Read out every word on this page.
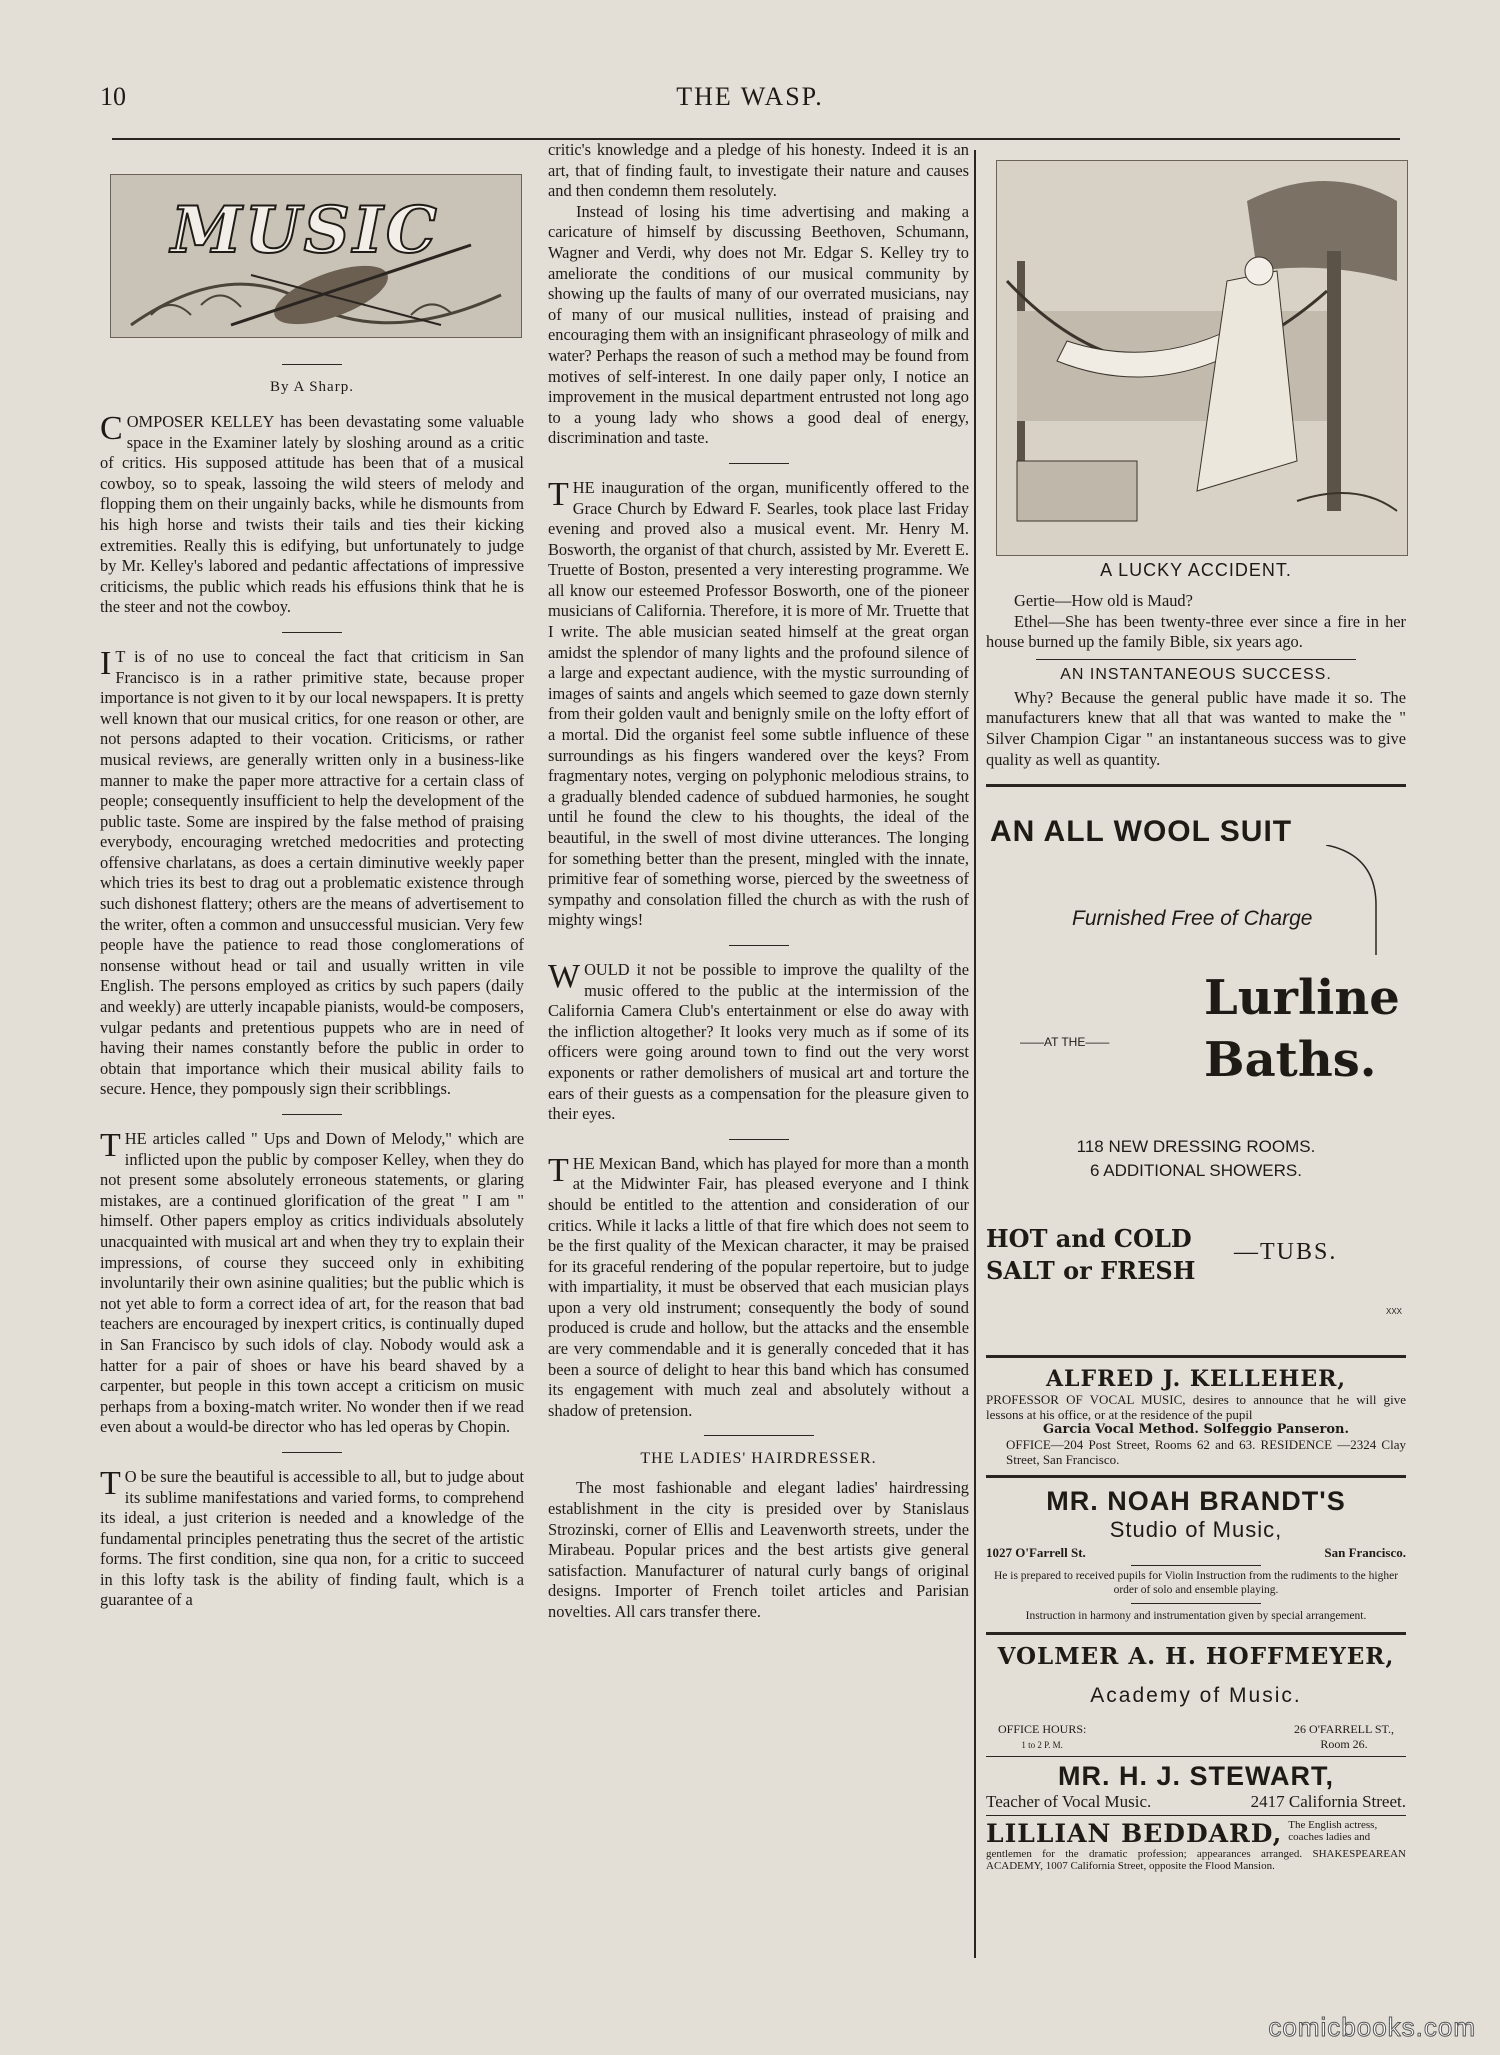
10	THE WASP.
MUSIC
By A Sharp.

COMPOSER KELLEY has been devastating some valuable space in the Examiner lately by sloshing around as a critic of critics. His supposed attitude has been that of a musical cowboy, so to speak, lassoing the wild steers of melody and flopping them on their ungainly backs, while he dismounts from his high horse and twists their tails and ties their kicking extremities. Really this is edifying, but unfortunately to judge by Mr. Kelley's labored and pedantic affectations of impressive criticisms, the public which reads his effusions think that he is the steer and not the cowboy.

I T is of no use to conceal the fact that criticism in San Francisco is in a rather primitive state, because proper importance is not given to it by our local newspapers. It is pretty well known that our musical critics, for one reason or other, are not persons adapted to their vocation. Criticisms, or rather musical reviews, are generally written only in a business-like manner to make the paper more attractive for a certain class of people; consequently insufficient to help the development of the public taste. Some are inspired by the false method of praising everybody, encouraging wretched medocrities and protecting offensive charlatans, as does a certain diminutive weekly paper which tries its best to drag out a problematic existence through such dishonest flattery; others are the means of advertisement to the writer, often a common and unsuccessful musician. Very few people have the patience to read those conglomerations of nonsense without head or tail and usually written in vile English. The persons employed as critics by such papers (daily and weekly) are utterly incapable pianists, would-be composers, vulgar pedants and pretentious puppets who are in need of having their names constantly before the public in order to obtain that importance which their musical ability fails to secure. Hence, they pompously sign their scribblings.

THE articles called " Ups and Down of Melody," which are inflicted upon the public by composer Kelley, when they do not present some absolutely erroneous statements, or glaring mistakes, are a continued glorification of the great " I am " himself. Other papers employ as critics individuals absolutely unacquainted with musical art and when they try to explain their impressions, of course they succeed only in exhibiting involuntarily their own asinine qualities; but the public which is not yet able to form a correct idea of art, for the reason that bad teachers are encouraged by inexpert critics, is continually duped in San Francisco by such idols of clay. Nobody would ask a hatter for a pair of shoes or have his beard shaved by a carpenter, but people in this town accept a criticism on music perhaps from a boxing-match writer. No wonder then if we read even about a would-be director who has led operas by Chopin.

T O be sure the beautiful is accessible to all, but to judge about its sublime manifestations and varied forms, to comprehend its ideal, a just criterion is needed and a knowledge of the fundamental principles penetrating thus the secret of the artistic forms. The first condition, sine qua non, for a critic to succeed in this lofty task is the ability of finding fault, which is a guarantee of a

critic's knowledge and a pledge of his honesty. Indeed it is an art, that of finding fault, to investigate their nature and causes and then condemn them resolutely.

Instead of losing his time advertising and making a caricature of himself by discussing Beethoven, Schumann, Wagner and Verdi, why does not Mr. Edgar S. Kelley try to ameliorate the conditions of our musical community by showing up the faults of many of our overrated musicians, nay of many of our musical nullities, instead of praising and encouraging them with an insignificant phraseology of milk and water? Perhaps the reason of such a method may be found from motives of self-interest. In one daily paper only, I notice an improvement in the musical department entrusted not long ago to a young lady who shows a good deal of energy, discrimination and taste.

THE inauguration of the organ, munificently offered to the Grace Church by Edward F. Searles, took place last Friday evening and proved also a musical event. Mr. Henry M. Bosworth, the organist of that church, assisted by Mr. Everett E. Truette of Boston, presented a very interesting programme. We all know our esteemed Professor Bosworth, one of the pioneer musicians of California. Therefore, it is more of Mr. Truette that I write. The able musician seated himself at the great organ amidst the splendor of many lights and the profound silence of a large and expectant audience, with the mystic surrounding of images of saints and angels which seemed to gaze down sternly from their golden vault and benignly smile on the lofty effort of a mortal. Did the organist feel some subtle influence of these surroundings as his fingers wandered over the keys? From fragmentary notes, verging on polyphonic melodious strains, to a gradually blended cadence of subdued harmonies, he sought until he found the clew to his thoughts, the ideal of the beautiful, in the swell of most divine utterances. The longing for something better than the present, mingled with the innate, primitive fear of something worse, pierced by the sweetness of sympathy and consolation filled the church as with the rush of mighty wings!

WOULD it not be possible to improve the qualilty of the music offered to the public at the intermission of the California Camera Club's entertainment or else do away with the infliction altogether? It looks very much as if some of its officers were going around town to find out the very worst exponents or rather demolishers of musical art and torture the ears of their guests as a compensation for the pleasure given to their eyes.

THE Mexican Band, which has played for more than a month at the Midwinter Fair, has pleased everyone and I think should be entitled to the attention and consideration of our critics. While it lacks a little of that fire which does not seem to be the first quality of the Mexican character, it may be praised for its graceful rendering of the popular repertoire, but to judge with impartiality, it must be observed that each musician plays upon a very old instrument; consequently the body of sound produced is crude and hollow, but the attacks and the ensemble are very commendable and it is generally conceded that it has been a source of delight to hear this band which has consumed its engagement with much zeal and absolutely without a shadow of pretension.

THE LADIES' HAIRDRESSER.

The most fashionable and elegant ladies' hairdressing establishment in the city is presided over by Stanislaus Strozinski, corner of Ellis and Leavenworth streets, under the Mirabeau. Popular prices and the best artists give general satisfaction. Manufacturer of natural curly bangs of original designs. Importer of French toilet articles and Parisian novelties. All cars transfer there.

A LUCKY ACCIDENT.

Gertie—How old is Maud?

Ethel—She has been twenty-three ever since a fire in her house burned up the family Bible, six years ago.

AN INSTANTANEOUS SUCCESS.

Why? Because the general public have made it so. The manufacturers knew that all that was wanted to make the " Silver Champion Cigar " an instantaneous success was to give quality as well as quantity.

AN ALL WOOL SUIT
Furnished Free of Charge
——AT THE——
Lurline
Baths.
118 NEW DRESSING ROOMS.
6 ADDITIONAL SHOWERS.
HOT and COLD
SALT or FRESH
—TUBS.
XXX
ALFRED J. KELLEHER,

PROFESSOR OF VOCAL MUSIC, desires to announce that he will give lessons at his office, or at the residence of the pupil

Garcia Vocal Method. Solfeggio Panseron.

OFFICE—204 Post Street, Rooms 62 and 63. RESIDENCE —2324 Clay Street, San Francisco.

MR. NOAH BRANDT'S
Studio of Music,
1027 O'Farrell St.	San Francisco.

He is prepared to received pupils for Violin Instruction from the rudiments to the higher order of solo and ensemble playing.

Instruction in harmony and instrumentation given by special arrangement.

VOLMER A. H. HOFFMEYER,
Academy of Music.
OFFICE HOURS:
1 to 2 P. M.
26 O'FARRELL ST.,
Room 26.
MR. H. J. STEWART,
Teacher of Vocal Music.	2417 California Street.
LILLIAN BEDDARD, The English actress, coaches ladies and

gentlemen for the dramatic profession; appearances arranged. SHAKESPEAREAN ACADEMY, 1007 California Street, opposite the Flood Mansion.

comicbooks.com
